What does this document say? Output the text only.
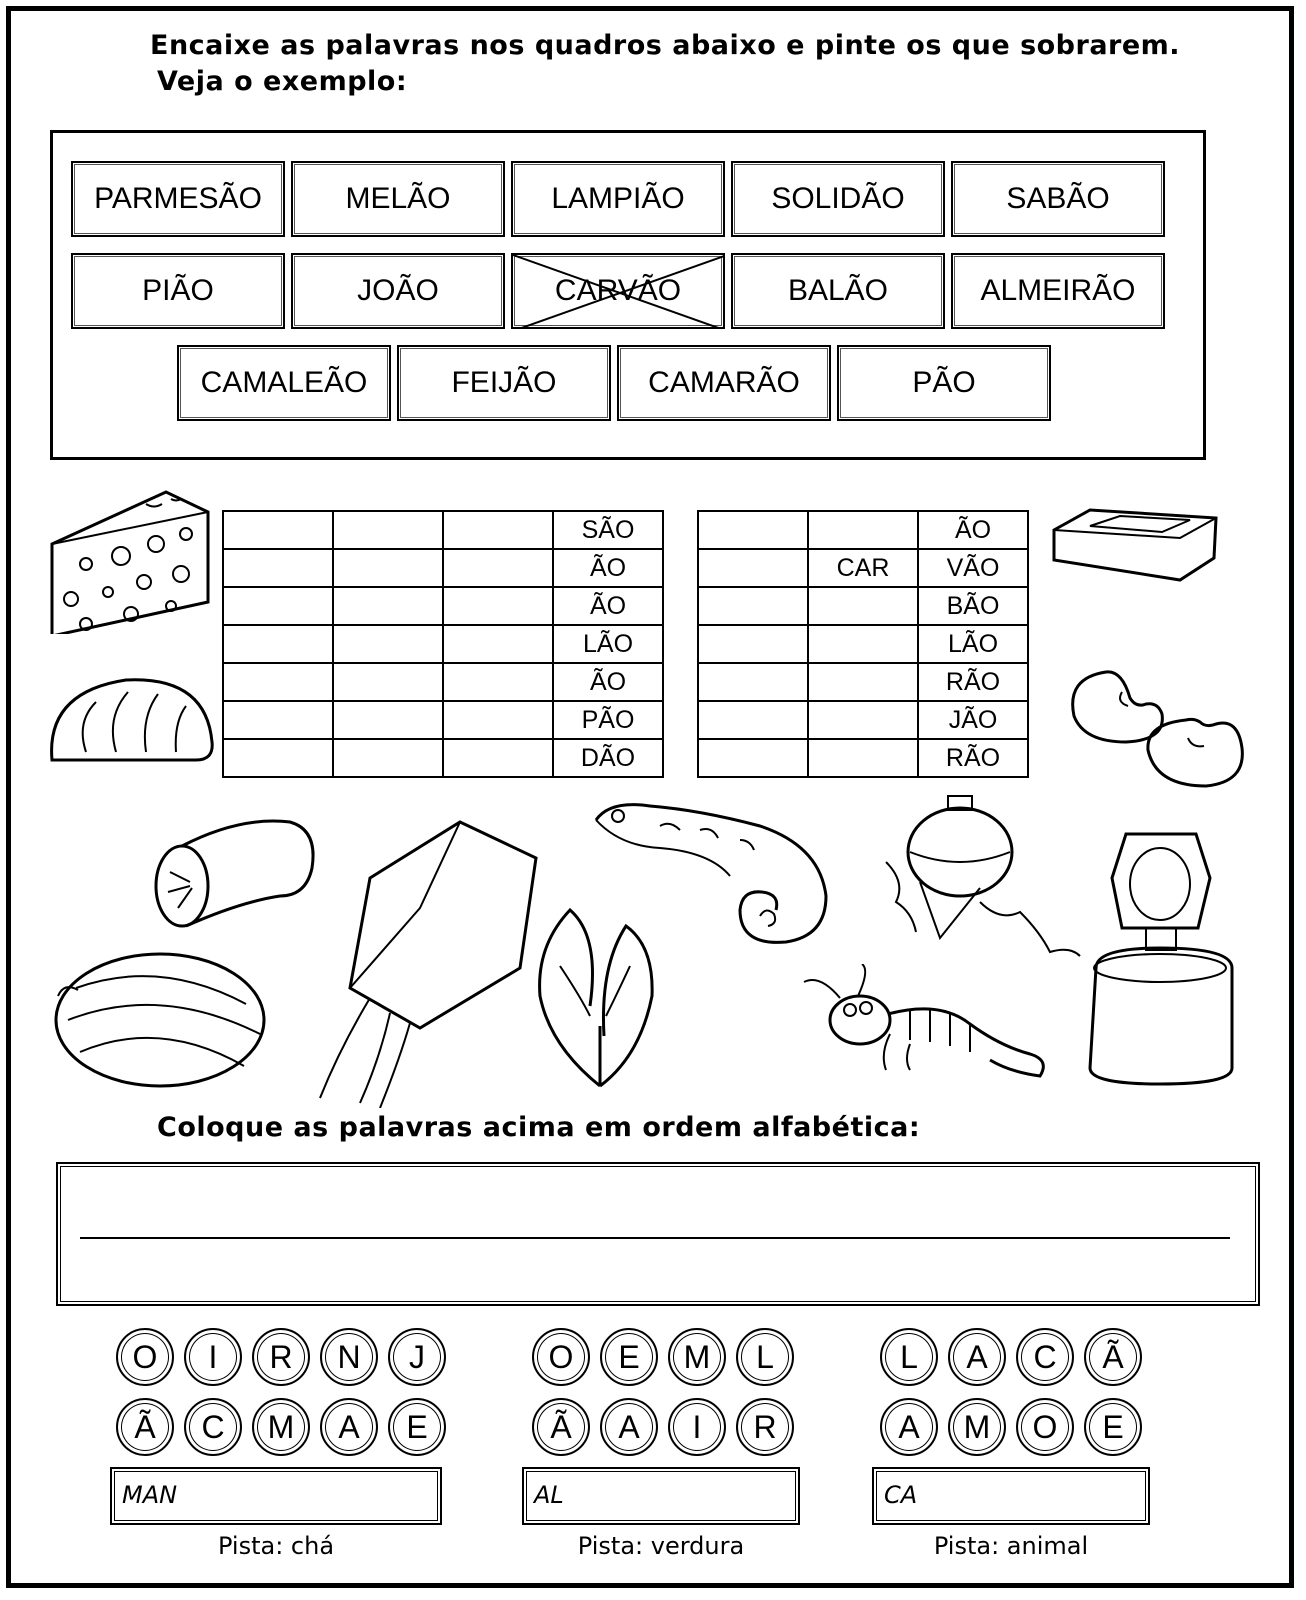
Encaixe as palavras nos quadros abaixo e pinte os que sobrarem.
Veja o exemplo:
PARMESÃO	MELÃO	LAMPIÃO	SOLIDÃO	SABÃO
PIÃO	JOÃO	CARVÃO	BALÃO	ALMEIRÃO
CAMALEÃO	FEIJÃO	CAMARÃO	PÃO
			SÃO
			ÃO
			ÃO
			LÃO
			ÃO
			PÃO
			DÃO
		ÃO
	CAR	VÃO
		BÃO
		LÃO
		RÃO
		JÃO
		RÃO
Coloque as palavras acima em ordem alfabética:
O	I	R	N	J
Ã	C	M	A	E
MAN
Pista: chá
O	E	M	L
Ã	A	I	R
AL
Pista: verdura
L	A	C	Ã
A	M	O	E
CA
Pista: animal
